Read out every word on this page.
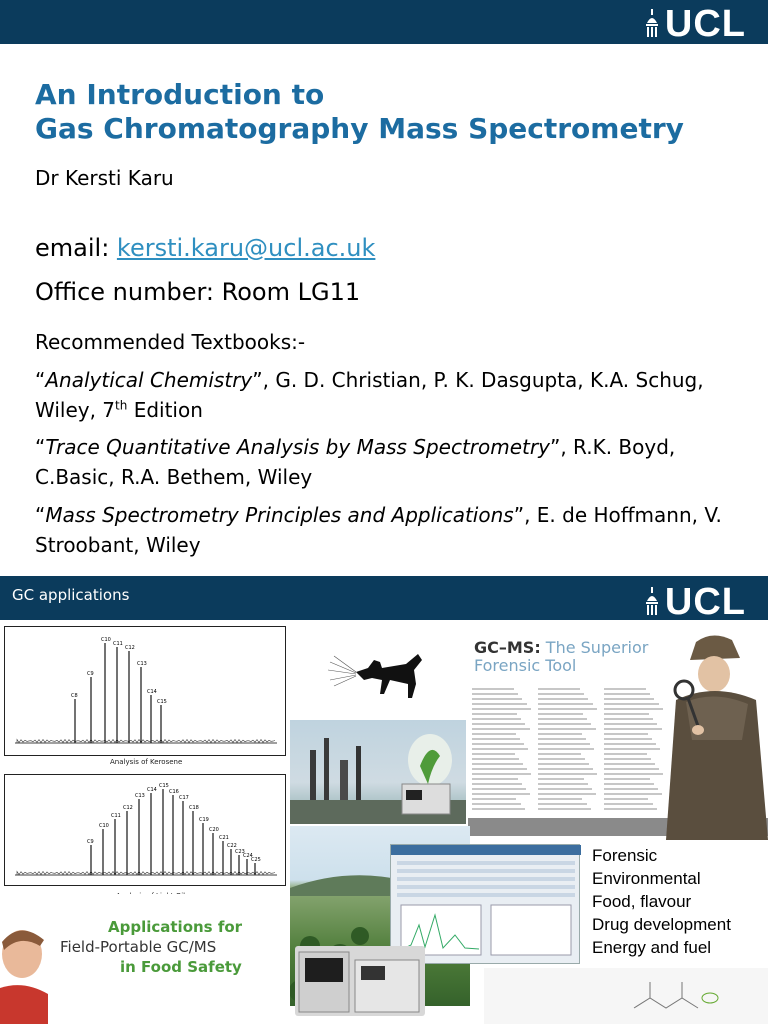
UCL
An Introduction to
Gas Chromatography Mass Spectrometry
Dr Kersti Karu
email: kersti.karu@ucl.ac.uk
Office number: Room LG11
Recommended Textbooks:-
“Analytical Chemistry”, G. D. Christian, P. K. Dasgupta, K.A. Schug, Wiley, 7th Edition
“Trace Quantitative Analysis by Mass Spectrometry”, R.K. Boyd, C.Basic, R.A. Bethem, Wiley
“Mass Spectrometry Principles and Applications”, E. de Hoffmann, V. Stroobant, Wiley
GC applications	UCL
C8
C9
C10
C11
C12
C13
C14
C15
Analysis of Kerosene
C9
C10
C11
C12
C13
C14
C15
C16
C17
C18
C19
C20
C21
C22
C23
C24
C25
GC–MS: The Superior
Forensic Tool
Forensic
Environmental
Food, flavour
Drug development
Energy and fuel
Applications for
Field-Portable GC/MS
in Food Safety
